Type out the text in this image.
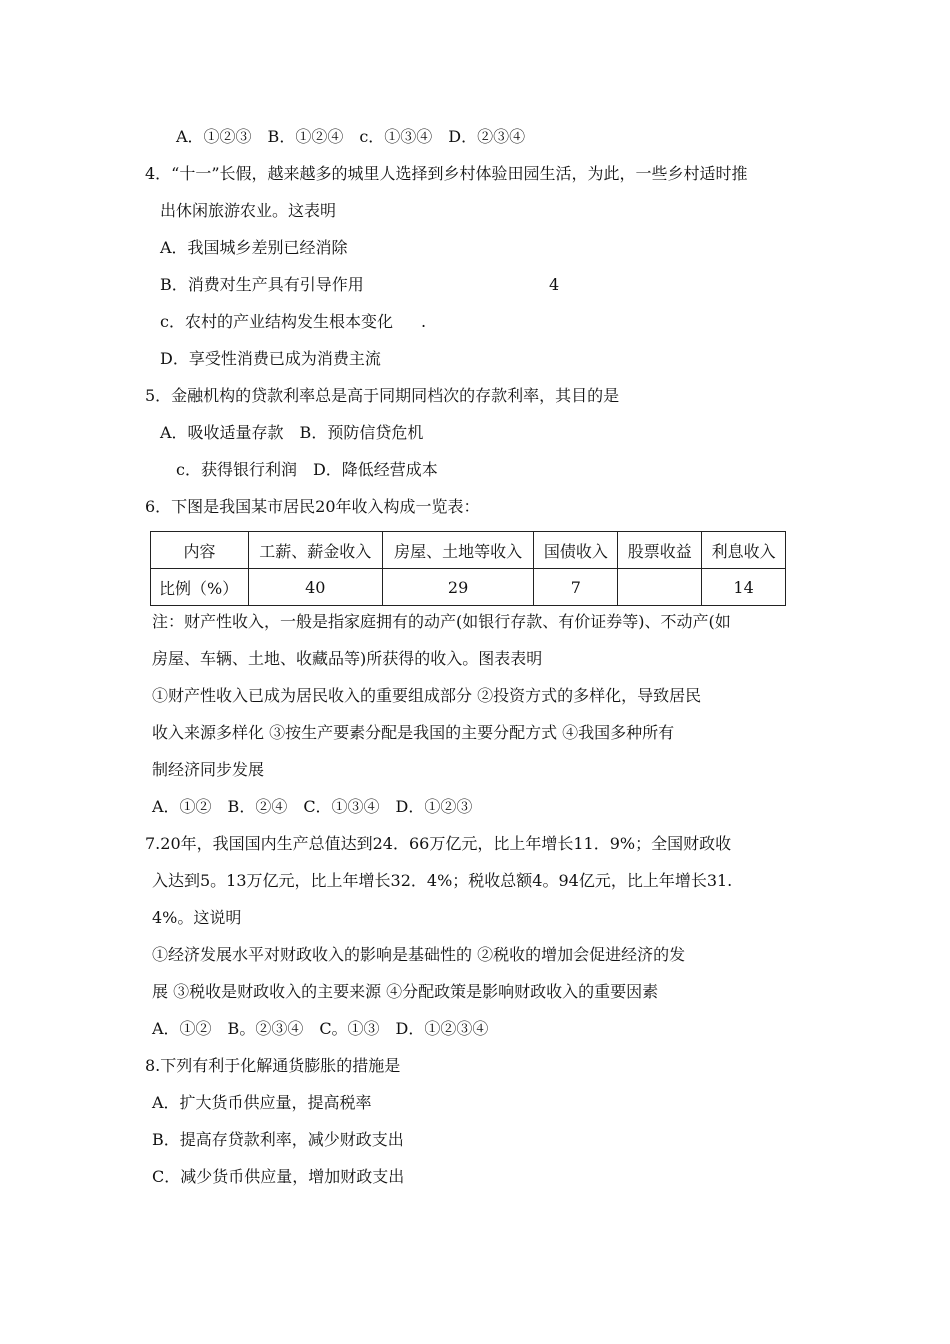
A．①②③　B．①②④　c．①③④　D．②③④
4．“十一”长假，越来越多的城里人选择到乡村体验田园生活，为此，一些乡村适时推
出休闲旅游农业。这表明
A．我国城乡差别已经消除
B．消费对生产具有引导作用	4
c．农村的产业结构发生根本变化 .
D．享受性消费已成为消费主流
5．金融机构的贷款利率总是高于同期同档次的存款利率，其目的是
A．吸收适量存款　B．预防信贷危机
c．获得银行利润　D．降低经营成本
6．下图是我国某市居民20年收入构成一览表：
内容	工薪、薪金收入	房屋、土地等收入	国债收入	股票收益	利息收入
比例（%）	40	29	7		14
注：财产性收入，一般是指家庭拥有的动产(如银行存款、有价证券等)、不动产(如
房屋、车辆、土地、收藏品等)所获得的收入。图表表明
①财产性收入已成为居民收入的重要组成部分 ②投资方式的多样化，导致居民
收入来源多样化 ③按生产要素分配是我国的主要分配方式 ④我国多种所有
制经济同步发展
A．①②　B．②④　C．①③④　D．①②③
7.20年，我国国内生产总值达到24．66万亿元，比上年增长11．9%；全国财政收
入达到5。13万亿元，比上年增长32．4%；税收总额4。94亿元，比上年增长31.
4%。这说明
①经济发展水平对财政收入的影响是基础性的 ②税收的增加会促进经济的发
展 ③税收是财政收入的主要来源 ④分配政策是影响财政收入的重要因素
A．①②　B。②③④　C。①③　D．①②③④
8.下列有利于化解通货膨胀的措施是
A．扩大货币供应量，提高税率
B．提高存贷款利率，减少财政支出
C．减少货币供应量，增加财政支出
